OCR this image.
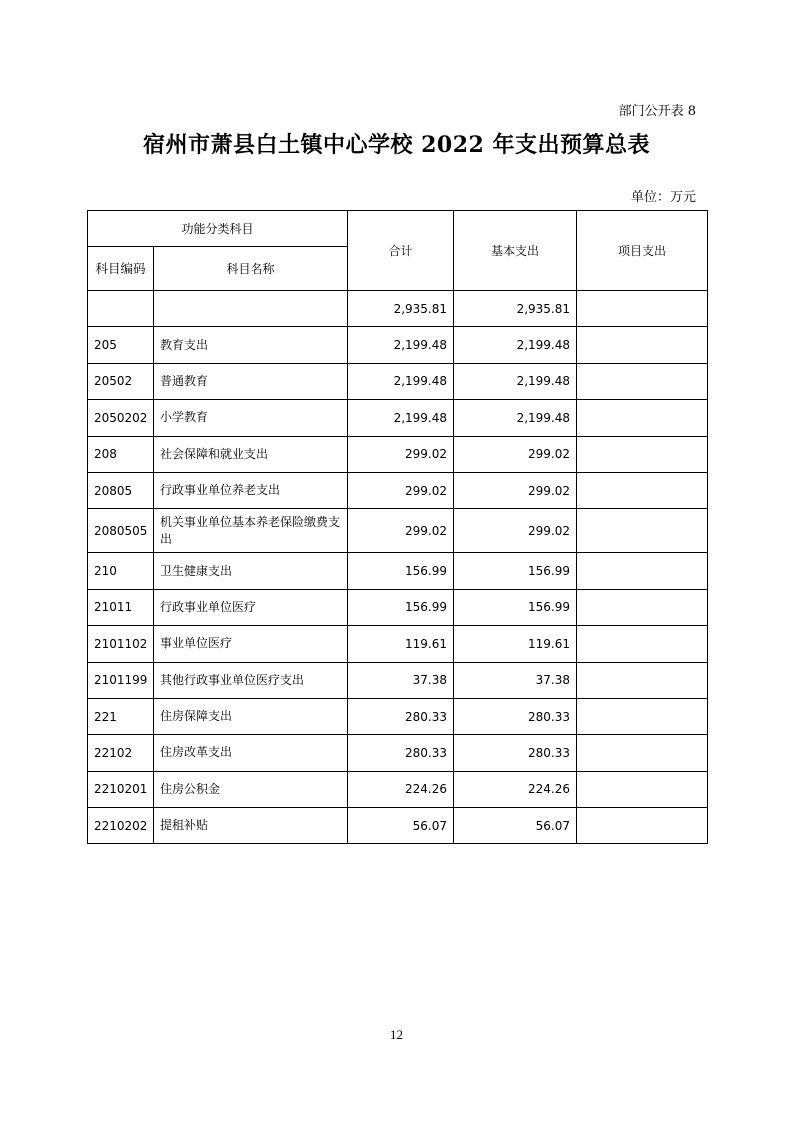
部门公开表 8
宿州市萧县白土镇中心学校 2022 年支出预算总表
单位：万元
功能分类科目		合计	基本支出	项目支出
科目编码	科目名称			
		2,935.81	2,935.81	
205	教育支出	2,199.48	2,199.48	
20502	普通教育	2,199.48	2,199.48	
2050202	小学教育	2,199.48	2,199.48	
208	社会保障和就业支出	299.02	299.02	
20805	行政事业单位养老支出	299.02	299.02	
2080505	机关事业单位基本养老保险缴费支出	299.02	299.02	
210	卫生健康支出	156.99	156.99	
21011	行政事业单位医疗	156.99	156.99	
2101102	事业单位医疗	119.61	119.61	
2101199	其他行政事业单位医疗支出	37.38	37.38	
221	住房保障支出	280.33	280.33	
22102	住房改革支出	280.33	280.33	
2210201	住房公积金	224.26	224.26	
2210202	提租补贴	56.07	56.07	
12
